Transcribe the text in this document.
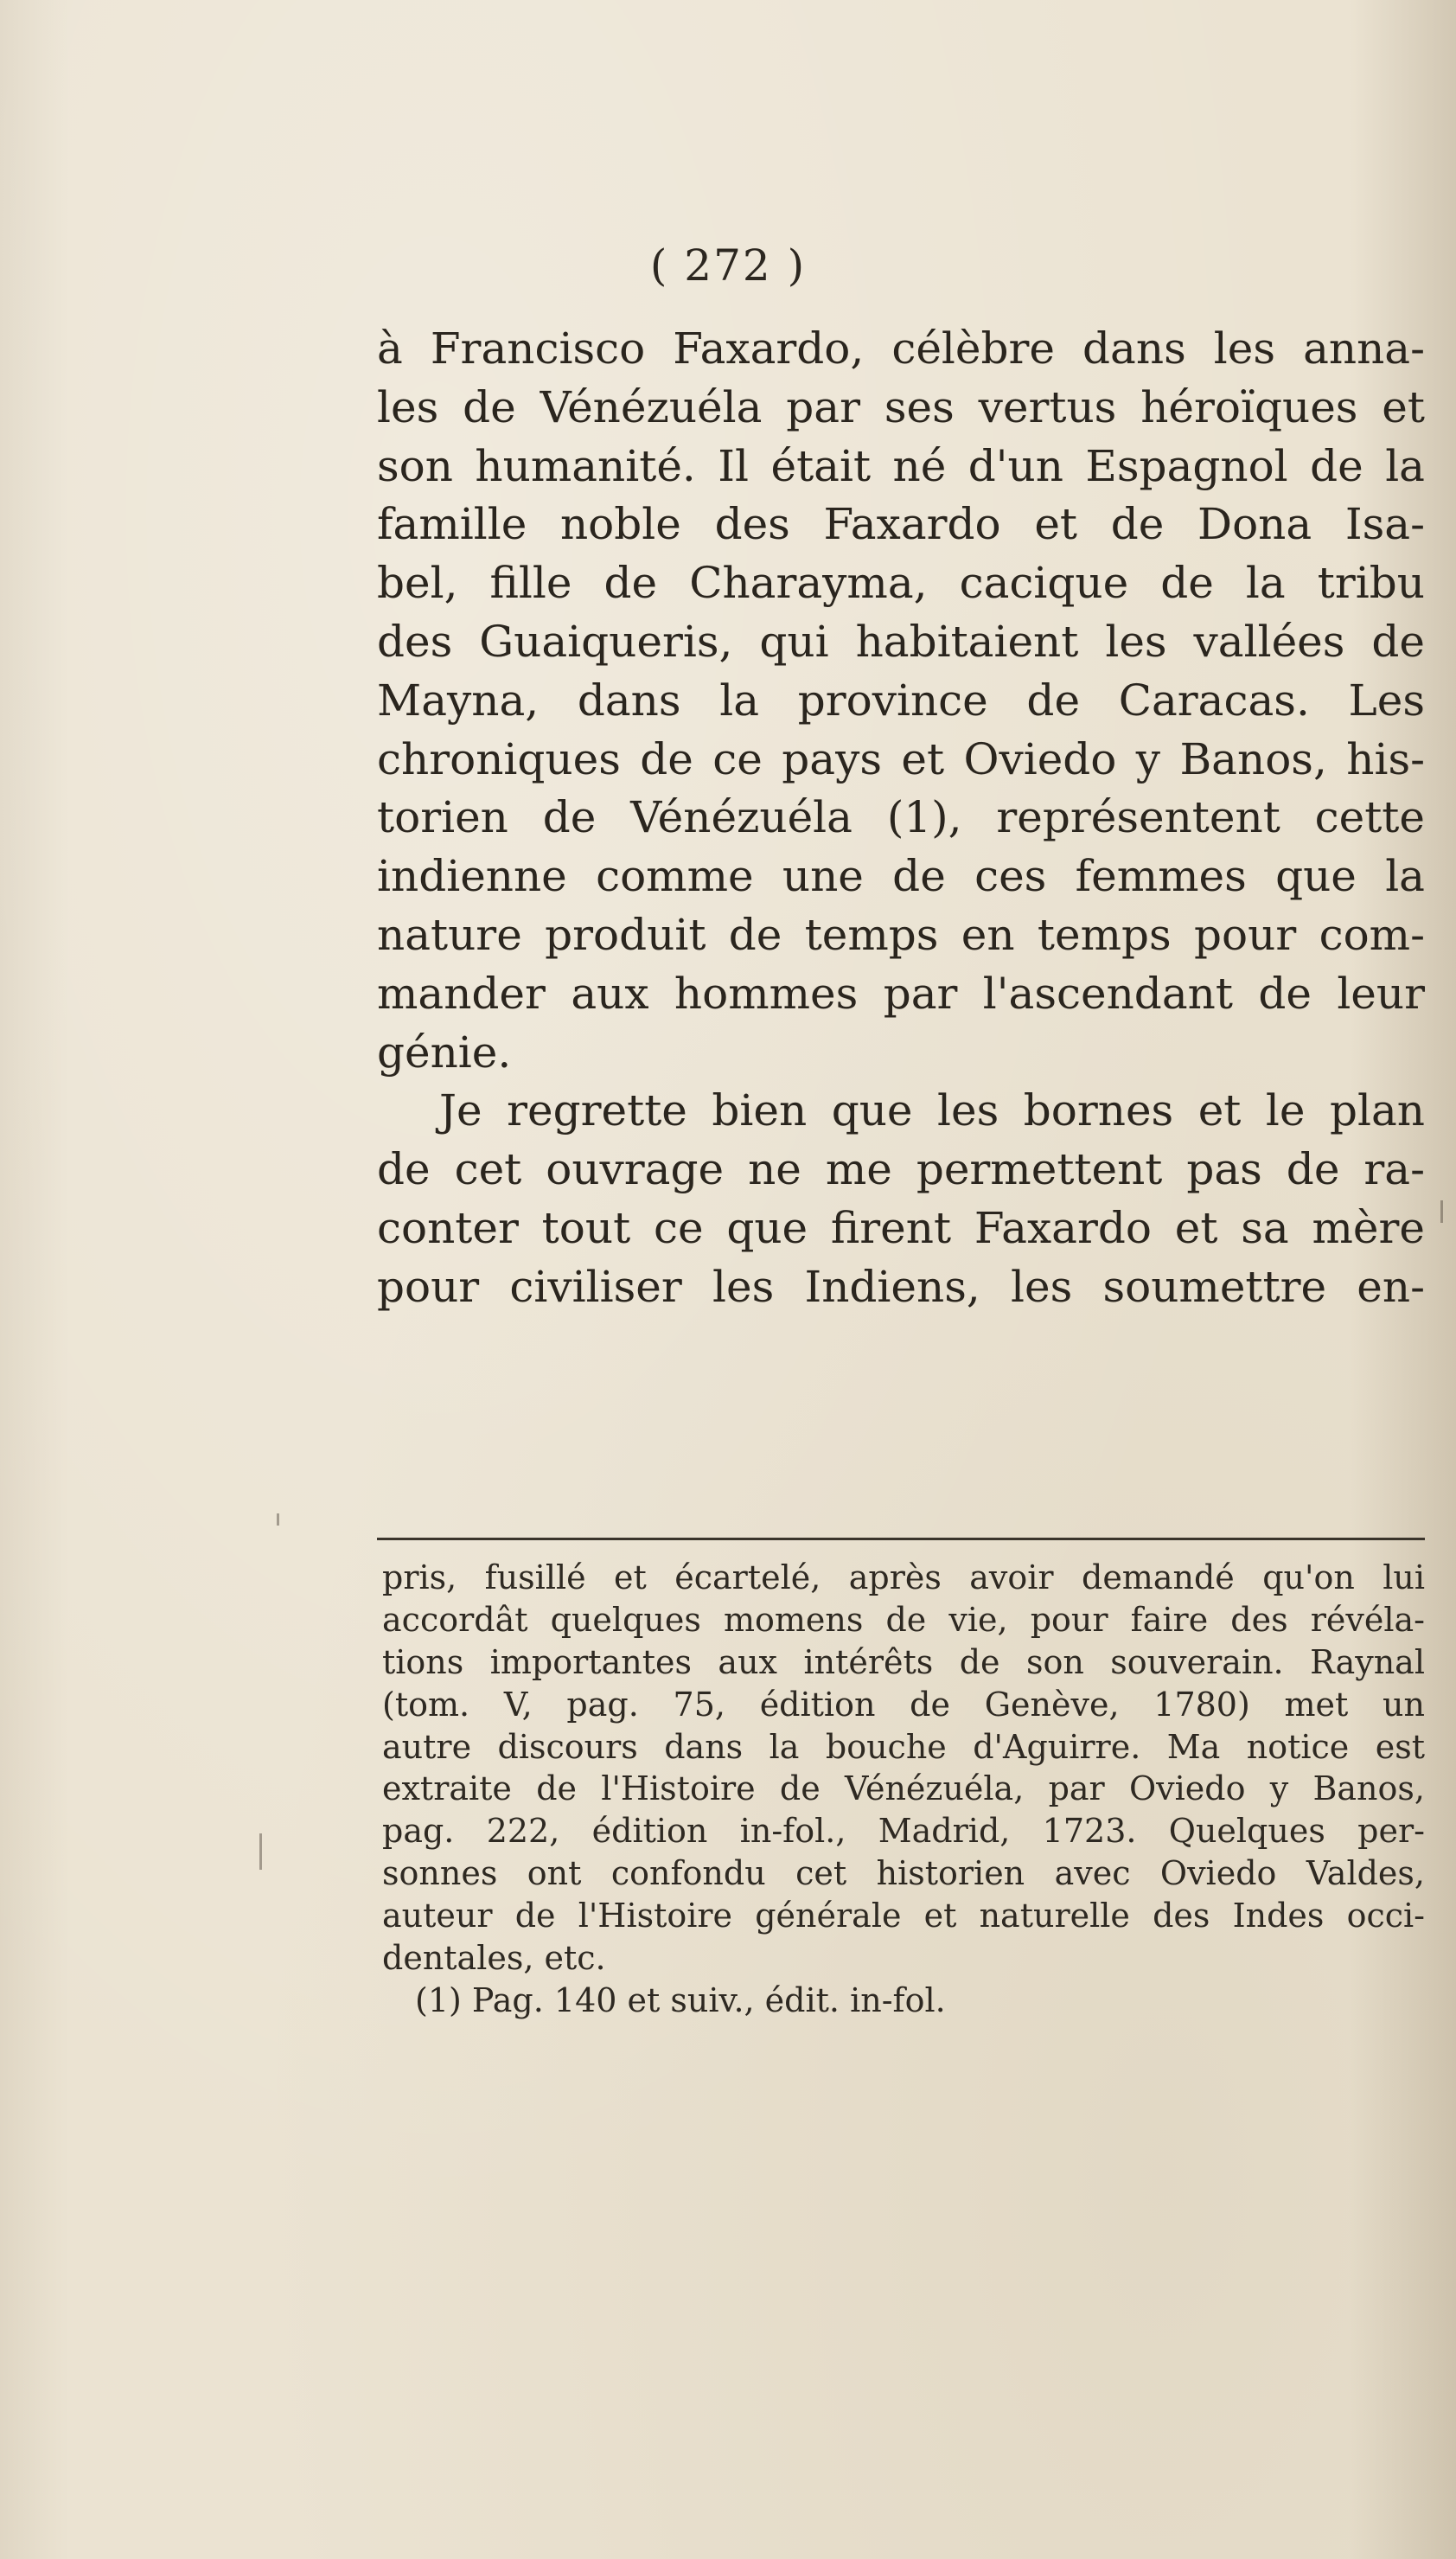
( 272 )
à Francisco Faxardo, célèbre dans les anna-
les de Vénézuéla par ses vertus héroïques et
son humanité. Il était né d'un Espagnol de la
famille noble des Faxardo et de Dona Isa-
bel, fille de Charayma, cacique de la tribu
des Guaiqueris, qui habitaient les vallées de
Mayna, dans la province de Caracas. Les
chroniques de ce pays et Oviedo y Banos, his-
torien de Vénézuéla (1), représentent cette
indienne comme une de ces femmes que la
nature produit de temps en temps pour com-
mander aux hommes par l'ascendant de leur
génie.
Je regrette bien que les bornes et le plan
de cet ouvrage ne me permettent pas de ra-
conter tout ce que firent Faxardo et sa mère
pour civiliser les Indiens, les soumettre en-
pris, fusillé et écartelé, après avoir demandé qu'on lui
accordât quelques momens de vie, pour faire des révéla-
tions importantes aux intérêts de son souverain. Raynal
(tom. V, pag. 75, édition de Genève, 1780) met un
autre discours dans la bouche d'Aguirre. Ma notice est
extraite de l'Histoire de Vénézuéla, par Oviedo y Banos,
pag. 222, édition in-fol., Madrid, 1723. Quelques per-
sonnes ont confondu cet historien avec Oviedo Valdes,
auteur de l'Histoire générale et naturelle des Indes occi-
dentales, etc.
(1) Pag. 140 et suiv., édit. in-fol.
